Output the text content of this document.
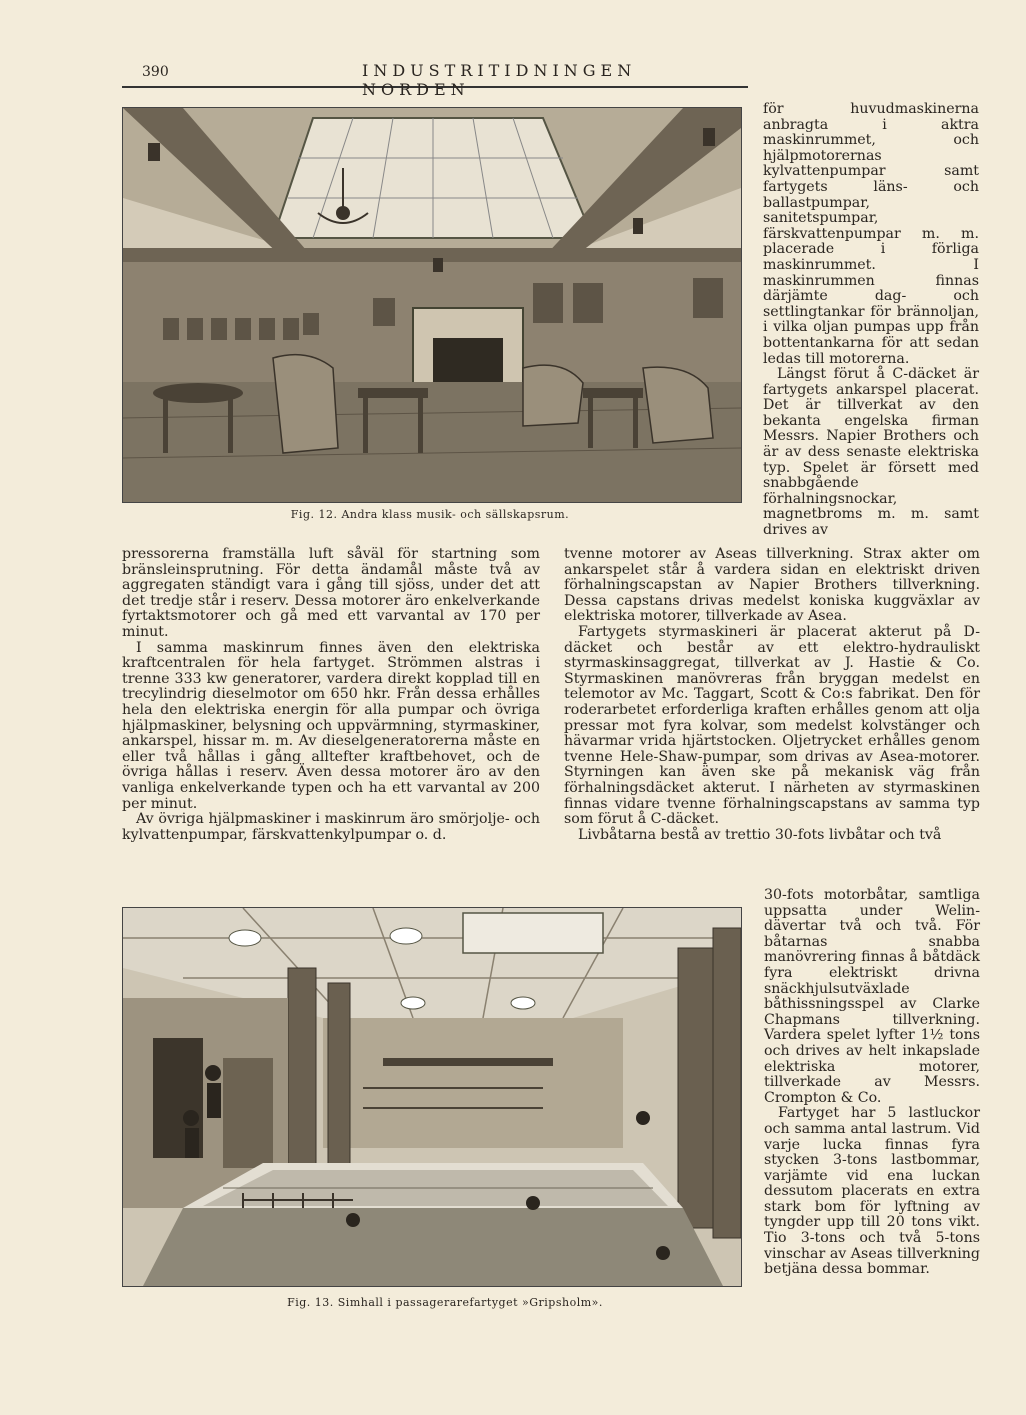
390	INDUSTRITIDNINGEN NORDEN
Fig. 12. Andra klass musik- och sällskapsrum.

för huvudmaskinerna anbragta i aktra maskinrummet, och hjälpmotorernas kylvattenpumpar samt fartygets läns- och ballastpumpar, sanitetspumpar, färskvattenpumpar m. m. placerade i förliga maskinrummet. I maskinrummen finnas därjämte dag- och settlingtankar för brännoljan, i vilka oljan pumpas upp från bottentankarna för att sedan ledas till motorerna.

Längst förut å C-däcket är fartygets ankarspel placerat. Det är tillverkat av den bekanta engelska firman Messrs. Napier Brothers och är av dess senaste elektriska typ. Spelet är försett med snabbgående förhalningsnockar, magnetbroms m. m. samt drives av

pressorerna framställa luft såväl för startning som bränsleinsprutning. För detta ändamål måste två av aggregaten ständigt vara i gång till sjöss, under det att det tredje står i reserv. Dessa motorer äro enkelverkande fyrtaktsmotorer och gå med ett varvantal av 170 per minut.

I samma maskinrum finnes även den elektriska kraftcentralen för hela fartyget. Strömmen alstras i trenne 333 kw generatorer, vardera direkt kopplad till en trecylindrig dieselmotor om 650 hkr. Från dessa erhålles hela den elektriska energin för alla pumpar och övriga hjälpmaskiner, belysning och uppvärmning, styrmaskiner, ankarspel, hissar m. m. Av dieselgeneratorerna måste en eller två hållas i gång alltefter kraftbehovet, och de övriga hållas i reserv. Även dessa motorer äro av den vanliga enkelverkande typen och ha ett varvantal av 200 per minut.

Av övriga hjälpmaskiner i maskinrum äro smörjolje- och kylvattenpumpar, färskvattenkylpumpar o. d.

tvenne motorer av Aseas tillverkning. Strax akter om ankarspelet står å vardera sidan en elektriskt driven förhalningscapstan av Napier Brothers tillverkning. Dessa capstans drivas medelst koniska kuggväxlar av elektriska motorer, tillverkade av Asea.

Fartygets styrmaskineri är placerat akterut på D-däcket och består av ett elektro-hydrauliskt styrmaskinsaggregat, tillverkat av J. Hastie & Co. Styrmaskinen manövreras från bryggan medelst en telemotor av Mc. Taggart, Scott & Co:s fabrikat. Den för roderarbetet erforderliga kraften erhålles genom att olja pressar mot fyra kolvar, som medelst kolvstänger och hävarmar vrida hjärtstocken. Oljetrycket erhålles genom tvenne Hele-Shaw-pumpar, som drivas av Asea-motorer. Styrningen kan även ske på mekanisk väg från förhalningsdäcket akterut. I närheten av styrmaskinen finnas vidare tvenne förhalningscapstans av samma typ som förut å C-däcket.

Livbåtarna bestå av trettio 30-fots livbåtar och två

Fig. 13. Simhall i passagerarefartyget »Gripsholm».

30-fots motorbåtar, samtliga uppsatta under Welin-dävertar två och två. För båtarnas snabba manövrering finnas å båtdäck fyra elektriskt drivna snäckhjulsutväxlade båthissningsspel av Clarke Chapmans tillverkning. Vardera spelet lyfter 1½ tons och drives av helt inkapslade elektriska motorer, tillverkade av Messrs. Crompton & Co.

Fartyget har 5 lastluckor och samma antal lastrum. Vid varje lucka finnas fyra stycken 3-tons lastbommar, varjämte vid ena luckan dessutom placerats en extra stark bom för lyftning av tyngder upp till 20 tons vikt. Tio 3-tons och två 5-tons vinschar av Aseas tillverkning betjäna dessa bommar.
